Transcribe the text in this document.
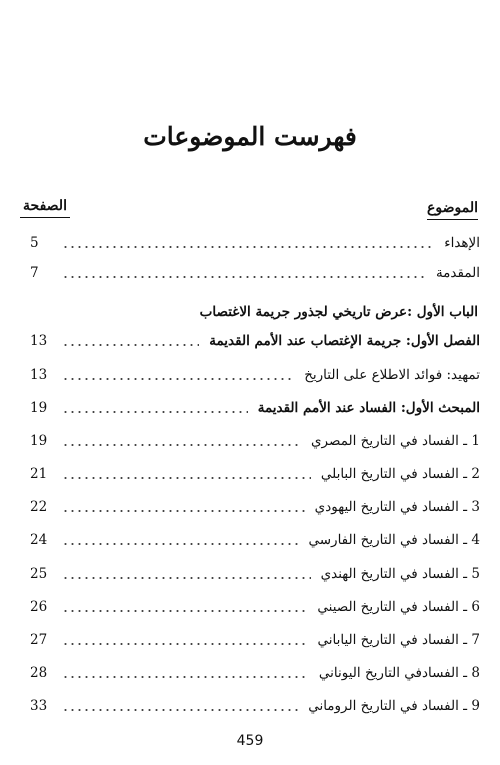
فهرست الموضوعات
الموضوع
الصفحة
الإهداء
5
المقدمة
7
الفصل الأول: جريمة الإغتصاب عند الأمم القديمة
13
تمهيد: فوائد الاطلاع على التاريخ
13
المبحث الأول: الفساد عند الأمم القديمة
19
1 ـ الفساد في التاريخ المصري
19
2 ـ الفساد في التاريخ البابلي
21
3 ـ الفساد في التاريخ اليهودي
22
4 ـ الفساد في التاريخ الفارسي
24
5 ـ الفساد في التاريخ الهندي
25
6 ـ الفساد في التاريخ الصيني
26
7 ـ الفساد في التاريخ الياباني
27
8 ـ الفسادفي التاريخ اليوناني
28
9 ـ الفساد في التاريخ الروماني
33
الباب الأول :عرض تاريخي لجذور جريمة الاغتصاب
459
